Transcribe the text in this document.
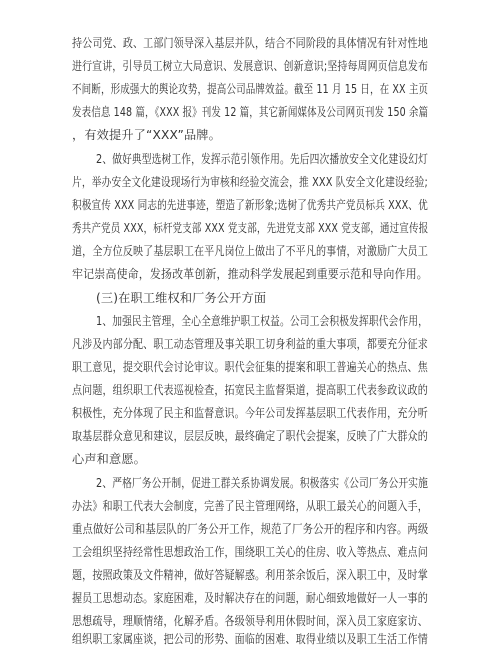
持公司党、政、工部门领导深入基层并队，结合不同阶段的具体情况有针对性地
进行宣讲，引导员工树立大局意识、发展意识、创新意识;坚持每周网页信息发布
不间断，形成强大的舆论攻势，提高公司品牌效益。截至 11 月 15 日，在 XX 主页
发表信息 148 篇，《XXX 报》刊发 12 篇，其它新闻媒体及公司网页刊发 150 余篇
，有效提升了“XXX”品牌。
2、做好典型选树工作，发挥示范引领作用。先后四次播放安全文化建设幻灯
片，举办安全文化建设现场行为审核和经验交流会，推 XXX 队安全文化建设经验;
积极宣传 XXX 同志的先进事迹，塑造了新形象;选树了优秀共产党员标兵 XXX、优
秀共产党员 XXX，标杆党支部 XXX 党支部，先进党支部 XXX 党支部，通过宣传报
道，全方位反映了基层职工在平凡岗位上做出了不平凡的事情，对激励广大员工
牢记崇高使命，发扬改革创新，推动科学发展起到重要示范和导向作用。
(三)在职工维权和厂务公开方面
1、加强民主管理，全心全意维护职工权益。公司工会积极发挥职代会作用，
凡涉及内部分配、职工动态管理及事关职工切身利益的重大事项，都要充分征求
职工意见，提交职代会讨论审议。职代会征集的提案和职工普遍关心的热点、焦
点问题，组织职工代表巡视检查，拓宽民主监督渠道，提高职工代表参政议政的
积极性，充分体现了民主和监督意识。今年公司发挥基层职工代表作用，充分听
取基层群众意见和建议，层层反映，最终确定了职代会提案，反映了广大群众的
心声和意愿。
2、严格厂务公开制，促进工群关系协调发展。积极落实《公司厂务公开实施
办法》和职工代表大会制度，完善了民主管理网络，从职工最关心的问题入手，
重点做好公司和基层队的厂务公开工作，规范了厂务公开的程序和内容。两级
工会组织坚持经常性思想政治工作，围绕职工关心的住房、收入等热点、难点问
题，按照政策及文件精神，做好答疑解惑。利用茶余饭后，深入职工中，及时掌
握员工思想动态。家庭困难，及时解决存在的问题，耐心细致地做好一人一事的
思想疏导，理顺情绪，化解矛盾。各级领导利用休假时间，深入员工家庭家访、
组织职工家属座谈，把公司的形势、面临的困难、取得业绩以及职工生活工作情
